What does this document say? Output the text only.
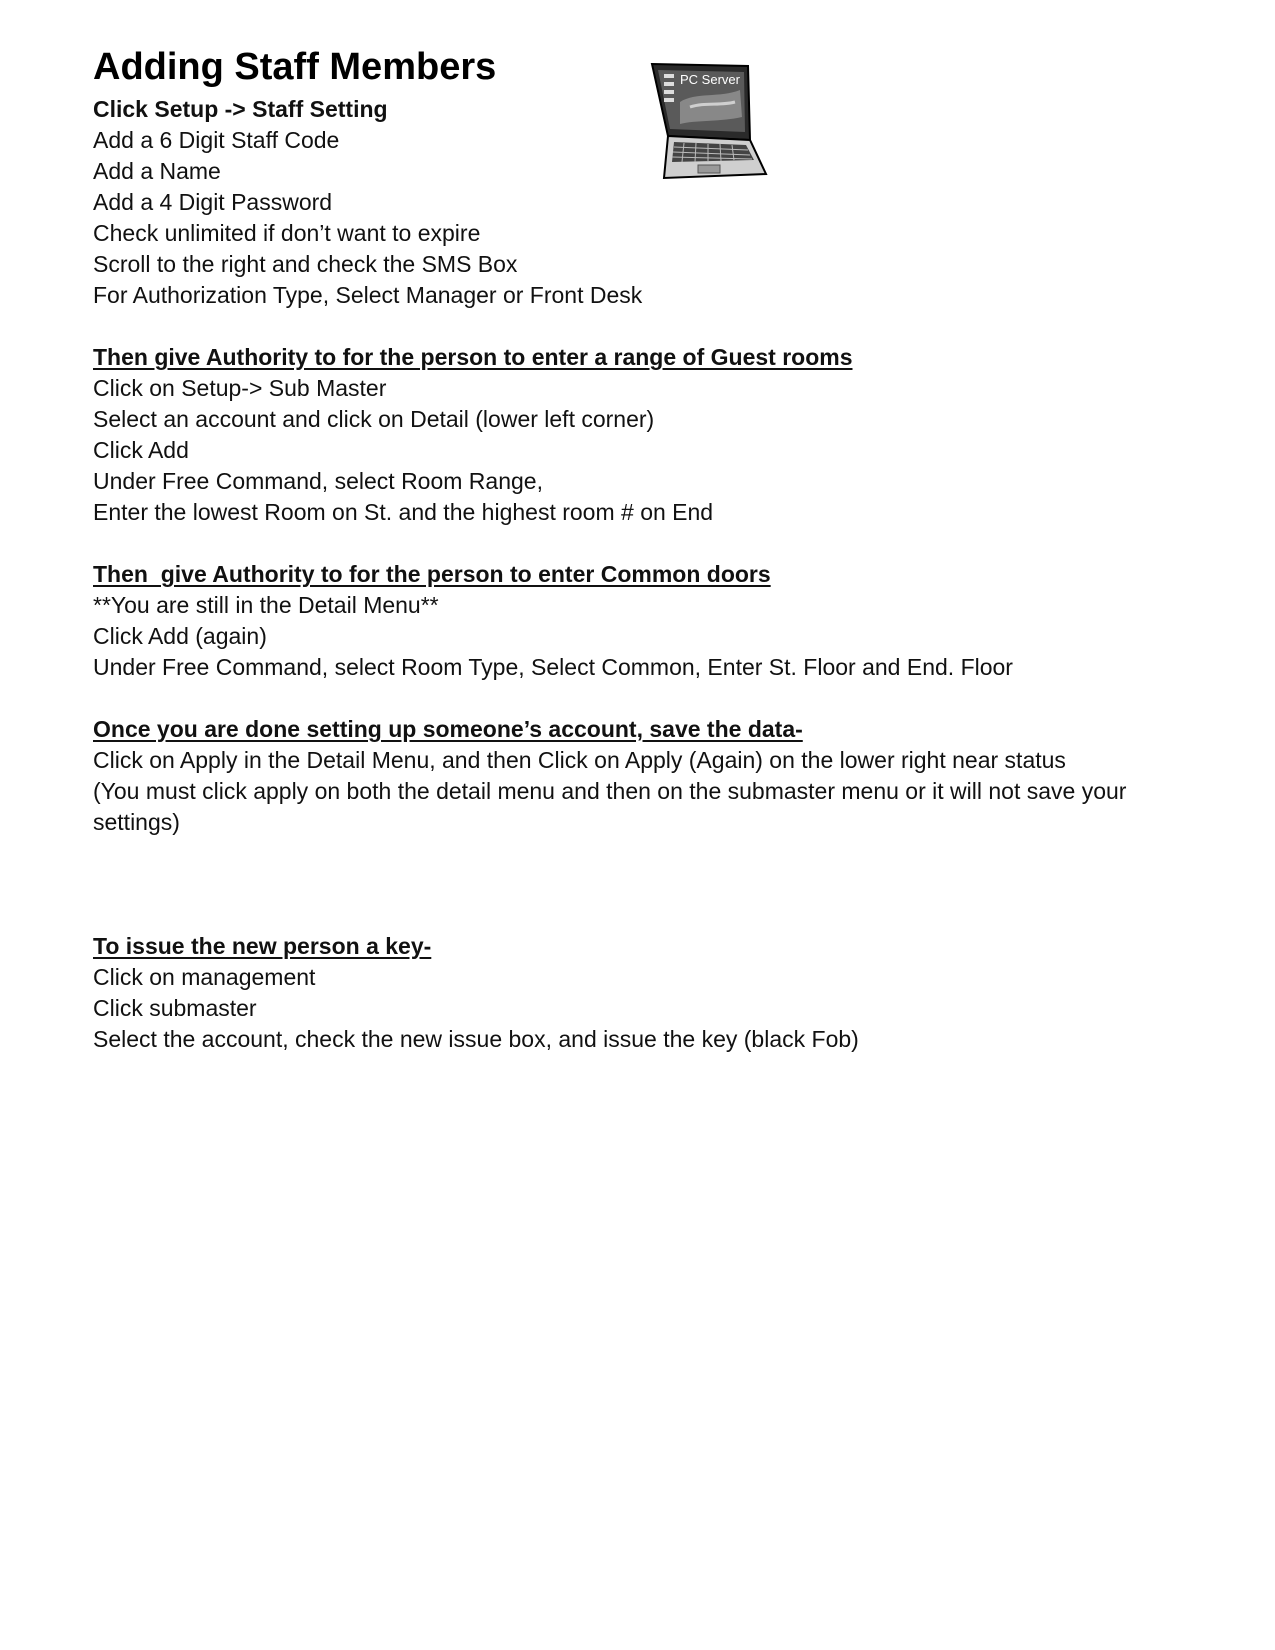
PC Server
Adding Staff Members
Click Setup -> Staff Setting
Add a 6 Digit Staff Code
Add a Name
Add a 4 Digit Password
Check unlimited if don’t want to expire
Scroll to the right and check the SMS Box
For Authorization Type, Select Manager or Front Desk
Then give Authority to for the person to enter a range of Guest rooms
Click on Setup-> Sub Master
Select an account and click on Detail (lower left corner)
Click Add
Under Free Command, select Room Range,
Enter the lowest Room on St. and the highest room # on End
Then  give Authority to for the person to enter Common doors
**You are still in the Detail Menu**
Click Add (again)
Under Free Command, select Room Type, Select Common, Enter St. Floor and End. Floor
Once you are done setting up someone’s account, save the data-
Click on Apply in the Detail Menu, and then Click on Apply (Again) on the lower right near status
(You must click apply on both the detail menu and then on the submaster menu or it will not save your settings)
To issue the new person a key-
Click on management
Click submaster
Select the account, check the new issue box, and issue the key (black Fob)
